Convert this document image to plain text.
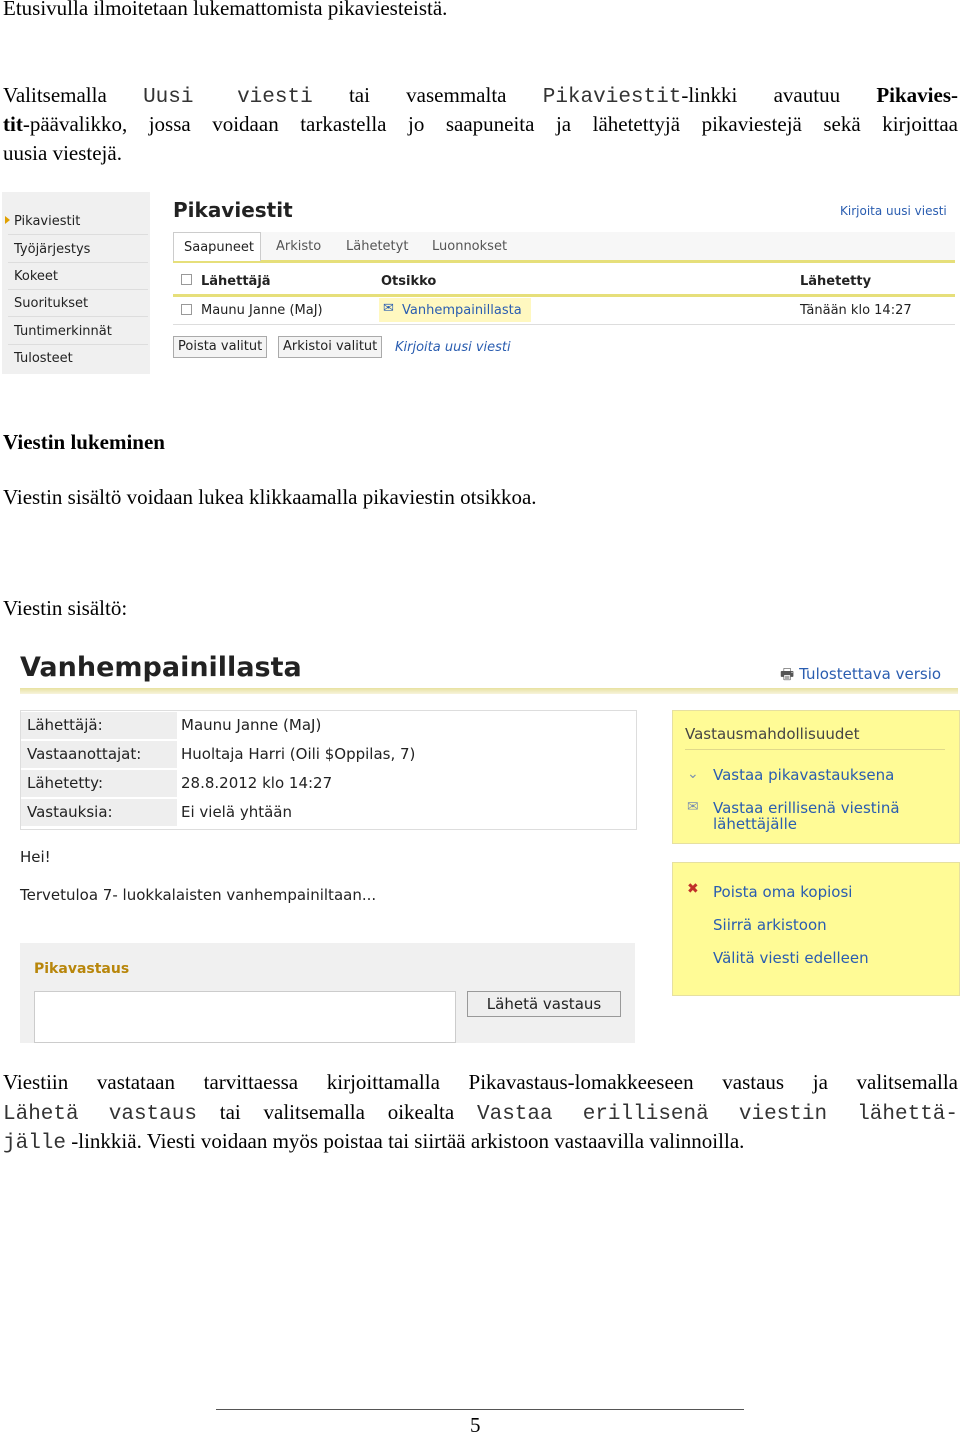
Etusivulla ilmoitetaan lukemattomista pikaviesteistä.
Valitsemalla Uusi viesti tai vasemmalta Pikaviestit-linkki avautuu Pikavies-
tit-päävalikko, jossa voidaan tarkastella jo saapuneita ja lähetettyjä pikaviestejä sekä kirjoittaa
uusia viestejä.
Pikaviestit
Työjärjestys
Kokeet
Suoritukset
Tuntimerkinnät
Tulosteet
Pikaviestit	Kirjoita uusi viesti
Saapuneet Arkisto Lähetetyt Luonnokset
Lähettäjä	Otsikko	Lähetetty
Maunu Janne (MaJ)	✉ Vanhempainillasta	Tänään klo 14:27
Poista valitut	Arkistoi valitut	Kirjoita uusi viesti
Viestin lukeminen
Viestin sisältö voidaan lukea klikkaamalla pikaviestin otsikkoa.
Viestin sisältö:
Vanhempainillasta	🖶 Tulostettava versio
Lähettäjä:	Maunu Janne (MaJ)
Vastaanottajat:	Huoltaja Harri (Oili $Oppilas, 7)
Lähetetty:	28.8.2012 klo 14:27
Vastauksia:	Ei vielä yhtään
Hei!
Tervetuloa 7- luokkalaisten vanhempainiltaan...
Pikavastaus
Lähetä vastaus
Vastausmahdollisuudet
⌄ Vastaa pikavastauksena
✉ Vastaa erillisenä viestinä
lähettäjälle
✖ Poista oma kopiosi
Siirrä arkistoon
Välitä viesti edelleen
Viestiin vastataan tarvittaessa kirjoittamalla Pikavastaus-lomakkeeseen vastaus ja valitsemalla
Lähetä vastaus tai valitsemalla oikealta Vastaa erillisenä viestin lähettä-
jälle -linkkiä. Viesti voidaan myös poistaa tai siirtää arkistoon vastaavilla valinnoilla.
5
